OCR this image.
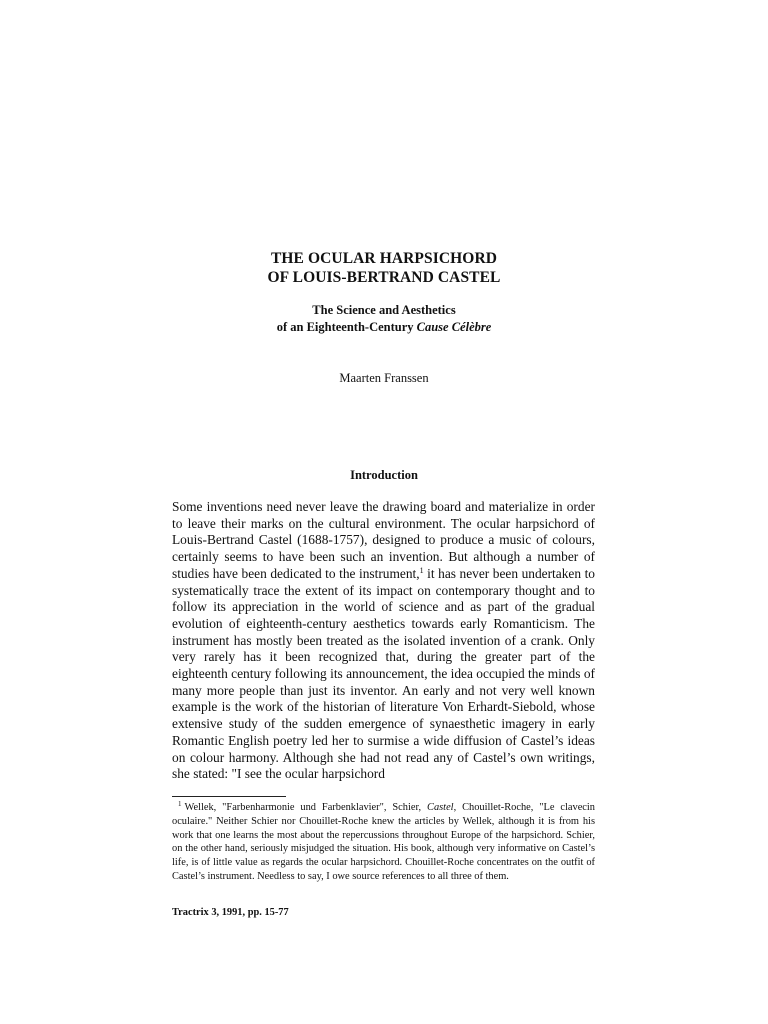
THE OCULAR HARPSICHORD
OF LOUIS-BERTRAND CASTEL
The Science and Aesthetics
of an Eighteenth-Century Cause Célèbre
Maarten Franssen
Introduction
Some inventions need never leave the drawing board and materialize in order to leave their marks on the cultural environment. The ocular harpsichord of Louis-Bertrand Castel (1688-1757), designed to produce a music of colours, certainly seems to have been such an invention. But although a number of studies have been dedicated to the instrument,$^1$ it has never been undertaken to systematically trace the extent of its impact on contemporary thought and to follow its appreciation in the world of science and as part of the gradual evolution of eighteenth-century aesthetics towards early Romanticism. The instrument has mostly been treated as the isolated invention of a crank. Only very rarely has it been recognized that, during the greater part of the eighteenth century following its announcement, the idea occupied the minds of many more people than just its inventor. An early and not very well known example is the work of the historian of literature Von Erhardt-Siebold, whose extensive study of the sudden emergence of synaesthetic imagery in early Romantic English poetry led her to surmise a wide diffusion of Castel’s ideas on colour harmony. Although she had not read any of Castel’s own writings, she stated: "I see the ocular harpsichord
$^1$ Wellek, "Farbenharmonie und Farbenklavier", Schier, Castel, Chouillet-Roche, "Le clavecin oculaire." Neither Schier nor Chouillet-Roche knew the articles by Wellek, although it is from his work that one learns the most about the repercussions throughout Europe of the harpsichord. Schier, on the other hand, seriously misjudged the situation. His book, although very informative on Castel’s life, is of little value as regards the ocular harpsichord. Chouillet-Roche concentrates on the outfit of Castel’s instrument. Needless to say, I owe source references to all three of them.
Tractrix 3, 1991, pp. 15-77
